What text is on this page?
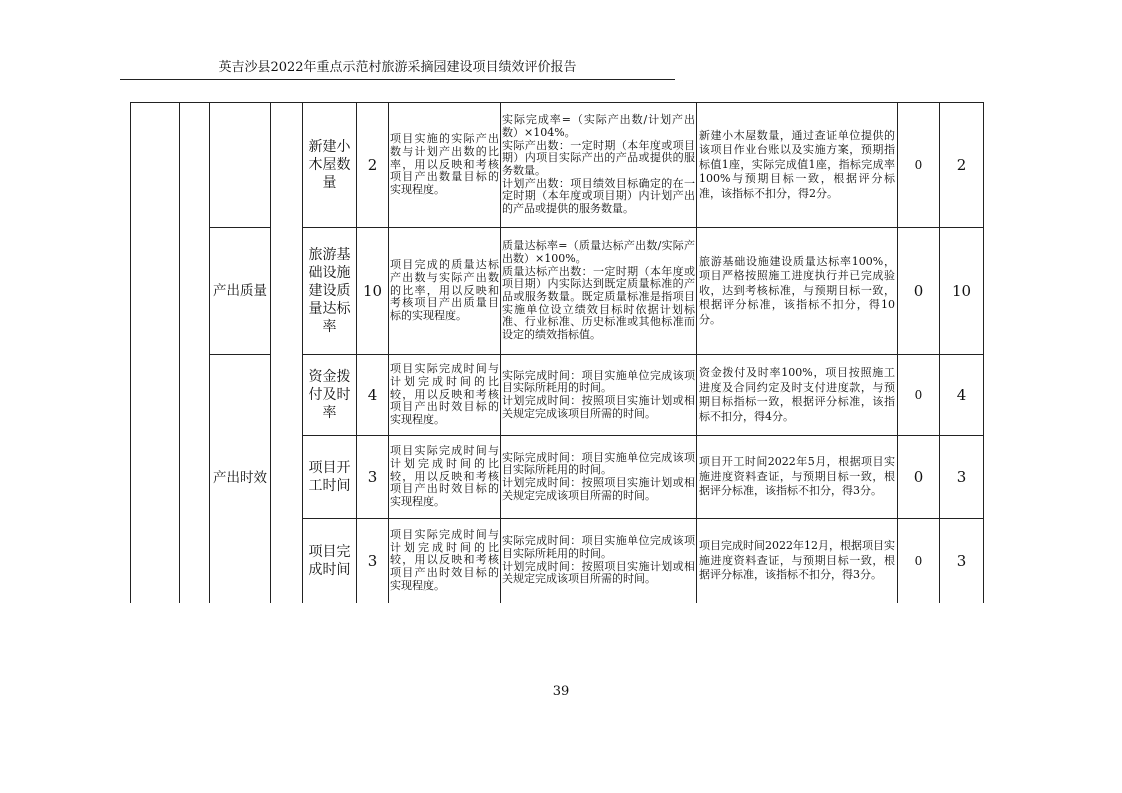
英吉沙县2022年重点示范村旅游采摘园建设项目绩效评价报告
				新建小木屋数量	2	项目实施的实际产出数与计划产出数的比率，用以反映和考核项目产出数量目标的实现程度。	实际完成率=（实际产出数/计划产出数）×104%。
实际产出数：一定时期（本年度或项目期）内项目实际产出的产品或提供的服务数量。
计划产出数：项目绩效目标确定的在一定时期（本年度或项目期）内计划产出的产品或提供的服务数量。	新建小木屋数量，通过查证单位提供的该项目作业台账以及实施方案，预期指标值1座，实际完成值1座，指标完成率100%与预期目标一致，根据评分标准，该指标不扣分，得2分。	0	2
		产出质量		旅游基础设施建设质量达标率	10	项目完成的质量达标产出数与实际产出数的比率，用以反映和考核项目产出质量目标的实现程度。	质量达标率=（质量达标产出数/实际产出数）×100%。
质量达标产出数：一定时期（本年度或项目期）内实际达到既定质量标准的产品或服务数量。既定质量标准是指项目实施单位设立绩效目标时依据计划标准、行业标准、历史标准或其他标准而设定的绩效指标值。	旅游基础设施建设质量达标率100%，项目严格按照施工进度执行并已完成验收，达到考核标准，与预期目标一致，根据评分标准，该指标不扣分，得10分。	0	10
		产出时效		资金拨付及时率	4	项目实际完成时间与计划完成时间的比较，用以反映和考核项目产出时效目标的实现程度。	实际完成时间：项目实施单位完成该项目实际所耗用的时间。
计划完成时间：按照项目实施计划或相关规定完成该项目所需的时间。	资金拨付及时率100%，项目按照施工进度及合同约定及时支付进度款，与预期目标指标一致，根据评分标准，该指标不扣分，得4分。	0	4
				项目开工时间	3	项目实际完成时间与计划完成时间的比较，用以反映和考核项目产出时效目标的实现程度。	实际完成时间：项目实施单位完成该项目实际所耗用的时间。
计划完成时间：按照项目实施计划或相关规定完成该项目所需的时间。	项目开工时间2022年5月，根据项目实施进度资料查证，与预期目标一致，根据评分标准，该指标不扣分，得3分。	0	3
				项目完成时间	3	项目实际完成时间与计划完成时间的比较，用以反映和考核项目产出时效目标的实现程度。	实际完成时间：项目实施单位完成该项目实际所耗用的时间。
计划完成时间：按照项目实施计划或相关规定完成该项目所需的时间。	项目完成时间2022年12月，根据项目实施进度资料查证，与预期目标一致，根据评分标准，该指标不扣分，得3分。	0	3
39
